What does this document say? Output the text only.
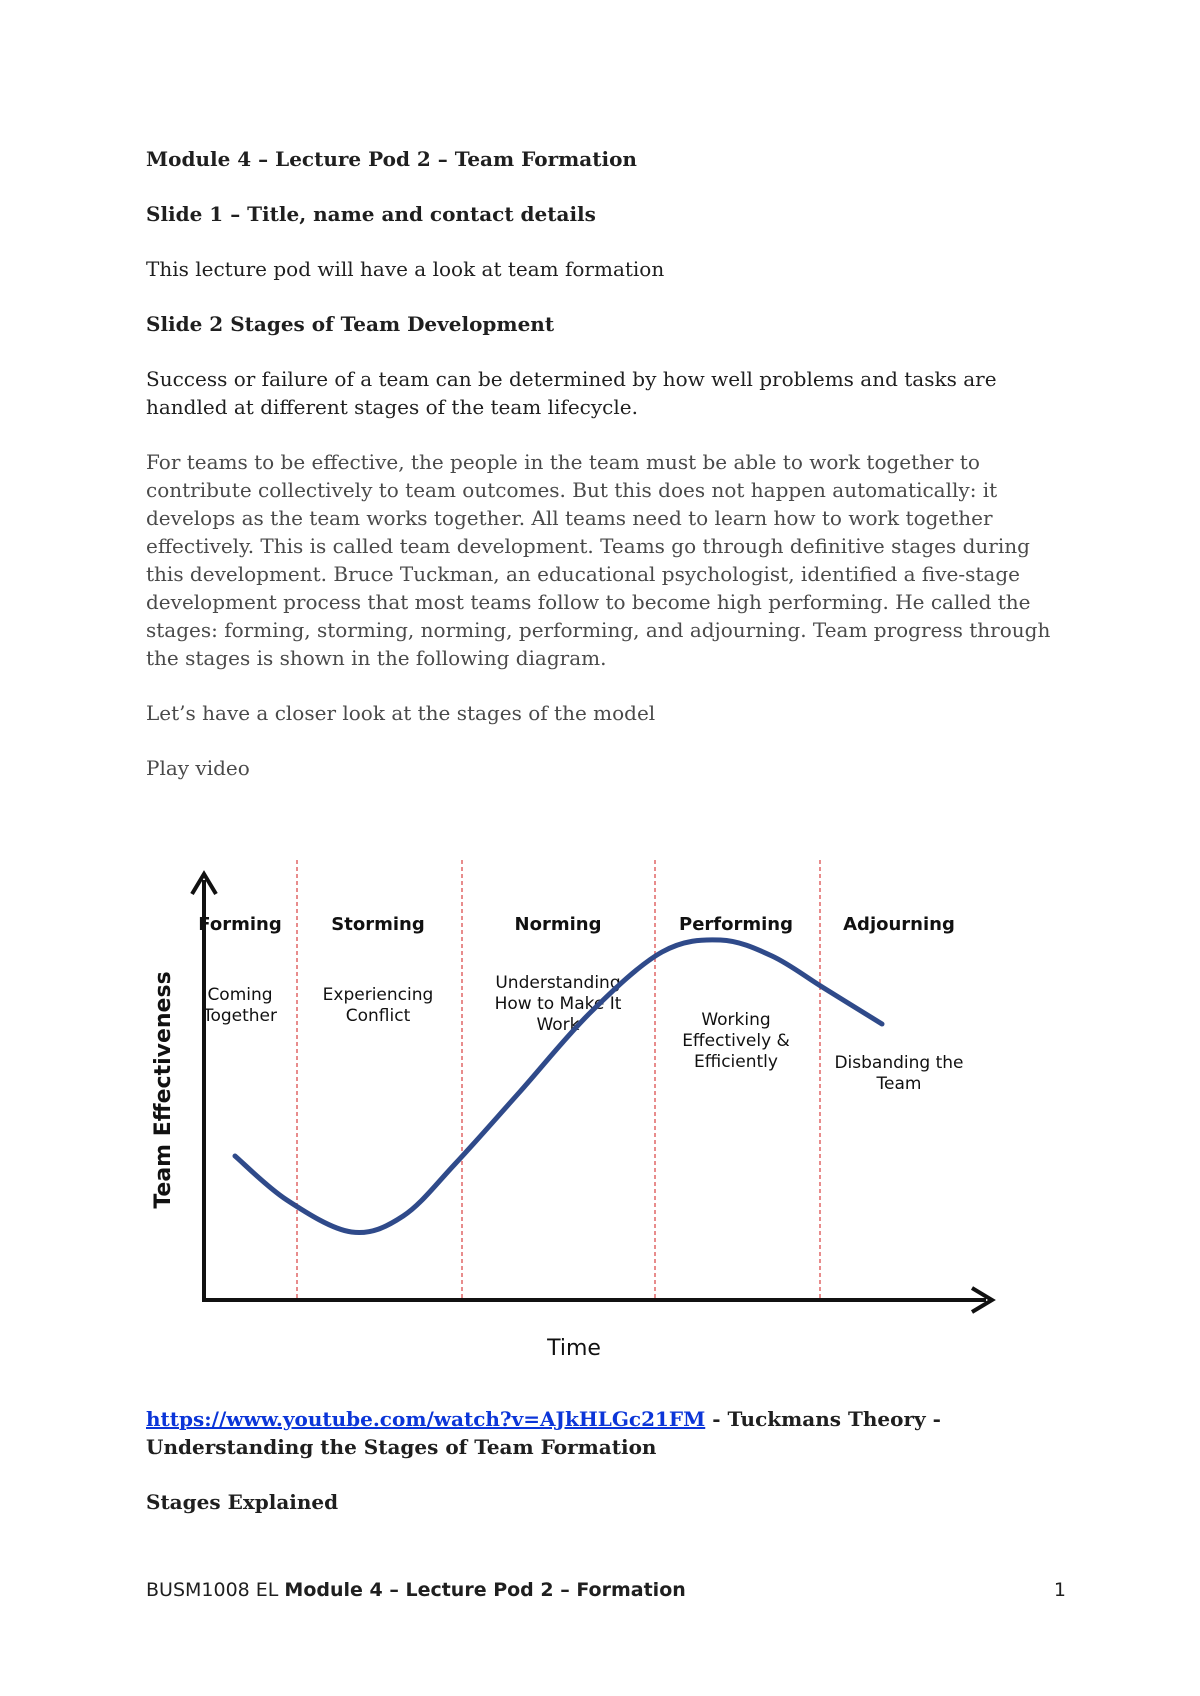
Module 4 – Lecture Pod 2 – Team Formation

Slide 1 – Title, name and contact details

This lecture pod will have a look at team formation

Slide 2 Stages of Team Development

Success or failure of a team can be determined by how well problems and tasks are handled at different stages of the team lifecycle.

For teams to be effective, the people in the team must be able to work together to contribute collectively to team outcomes. But this does not happen automatically: it develops as the team works together. All teams need to learn how to work together effectively. This is called team development. Teams go through definitive stages during this development. Bruce Tuckman, an educational psychologist, identified a five-stage development process that most teams follow to become high performing. He called the stages: forming, storming, norming, performing, and adjourning. Team progress through the stages is shown in the following diagram.

Let’s have a closer look at the stages of the model

Play video

Forming	Storming	Norming	Performing	Adjourning
Coming
Together
Experiencing
Conflict
Understanding
How to Make It
Work	Working
Effectively &
Efficiently	Disbanding the
Team
Time
Team Effectiveness

https://www.youtube.com/watch?v=AJkHLGc21FM - Tuckmans Theory - Understanding the Stages of Team Formation

Stages Explained

BUSM1008 EL Module 4 – Lecture Pod 2 – Formation	1
